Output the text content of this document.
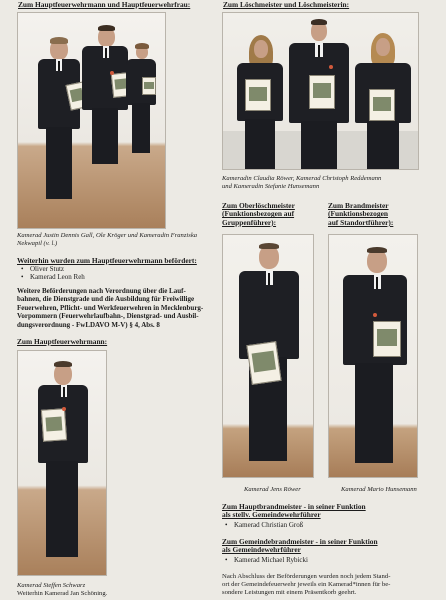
Zum Hauptfeuerwehrmann und Hauptfeuerwehrfrau:
Kamerad Justin Dennis Gall, Ole Kröger und Kameradin Franziska Nekwapil (v. l.)
Weiterhin wurden zum Hauptfeuerwehrmann befördert:
• Oliver Stutz
• Kamerad Leon Reh
Weitere Beförderungen nach Verordnung über die Lauf-
bahnen, die Dienstgrade und die Ausbildung für Freiwillige
Feuerwehren, Pflicht- und Werkfeuerwehren in Mecklenburg-
Vorpommern (Feuerwehrlaufbahn-, Dienstgrad- und Ausbil-
dungsverordnung - FwLDAVO M-V) § 4, Abs. 8
Zum Hauptfeuerwehrmann:
Kamerad Steffen Schwarz
Weiterhin Kamerad Jan Schöning.
Zum Löschmeister und Löschmeisterin:
Kameradin Claudia Röwer, Kamerad Christoph Reddemann
und Kameradin Stefanie Hunsemann
Zum Oberlöschmeister
(Funktionsbezogen auf
Gruppenführer):
Zum Brandmeister
(Funktionsbezogen
auf Standortführer):
Kamerad Jens Röwer	Kamerad Mario Hunsemann
Zum Hauptbrandmeister - in seiner Funktion
als stellv. Gemeindewehrführer
• Kamerad Christian Groß
Zum Gemeindebrandmeister - in seiner Funktion
als Gemeindewehrführer
• Kamerad Michael Rybicki
Nach Abschluss der Beförderungen wurden noch jedem Stand-
ort der Gemeindefeuerwehr jeweils ein Kamerad*innen für be-
sondere Leistungen mit einem Präsentkorb geehrt.
